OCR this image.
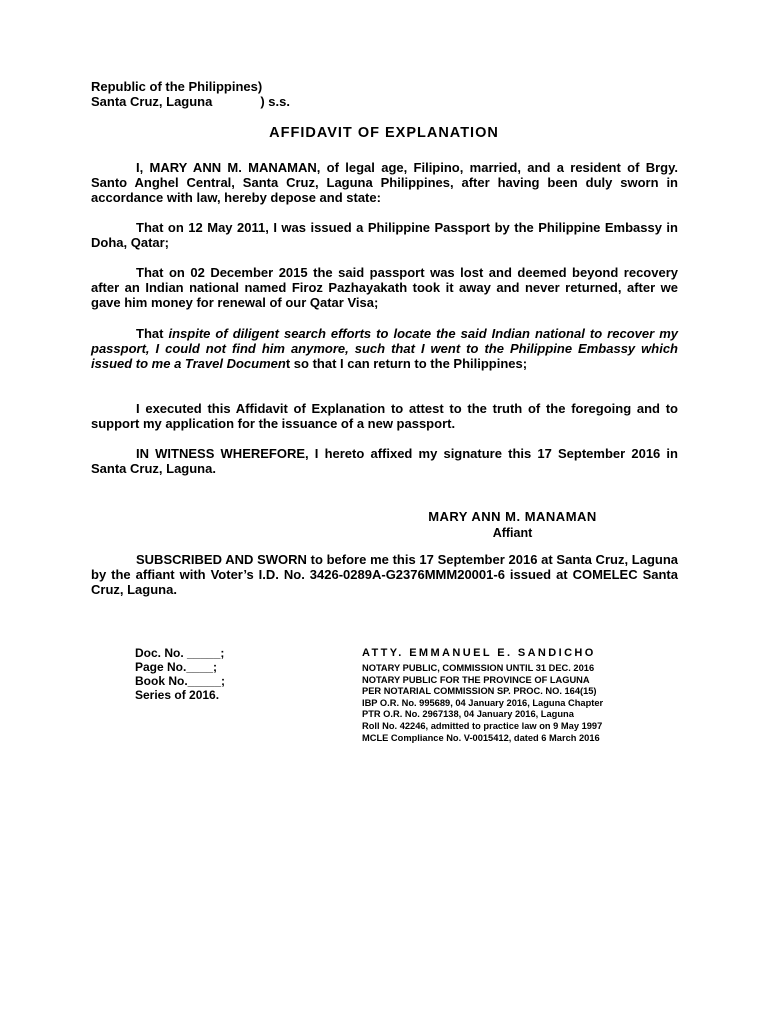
Republic of the Philippines)
Santa Cruz, Laguna	) s.s.
AFFIDAVIT OF EXPLANATION
I, MARY ANN M. MANAMAN, of legal age, Filipino, married, and a resident of Brgy. Santo Anghel Central, Santa Cruz, Laguna Philippines, after having been duly sworn in accordance with law, hereby depose and state:
That on 12 May 2011, I was issued a Philippine Passport by the Philippine Embassy in Doha, Qatar;
That on 02 December 2015 the said passport was lost and deemed beyond recovery after an Indian national named Firoz Pazhayakath took it away and never returned, after we gave him money for renewal of our Qatar Visa;
That inspite of diligent search efforts to locate the said Indian national to recover my passport, I could not find him anymore, such that I went to the Philippine Embassy which issued to me a Travel Document so that I can return to the Philippines;
I executed this Affidavit of Explanation to attest to the truth of the foregoing and to support my application for the issuance of a new passport.
IN WITNESS WHEREFORE, I hereto affixed my signature this 17 September 2016 in Santa Cruz, Laguna.
MARY ANN M. MANAMAN
Affiant
SUBSCRIBED AND SWORN to before me this 17 September 2016 at Santa Cruz, Laguna by the affiant with Voter’s I.D. No. 3426-0289A-G2376MMM20001-6 issued at COMELEC Santa Cruz, Laguna.
Doc. No. _____;
Page No.____;
Book No._____;
Series of 2016.
ATTY. EMMANUEL E. SANDICHO
NOTARY PUBLIC, COMMISSION UNTIL 31 DEC. 2016
NOTARY PUBLIC FOR THE PROVINCE OF LAGUNA
PER NOTARIAL COMMISSION SP. PROC. NO. 164(15)
IBP O.R. No. 995689, 04 January 2016, Laguna Chapter
PTR O.R. No. 2967138, 04 January 2016, Laguna
Roll No. 42246, admitted to practice law on 9 May 1997
MCLE Compliance No. V-0015412, dated 6 March 2016
